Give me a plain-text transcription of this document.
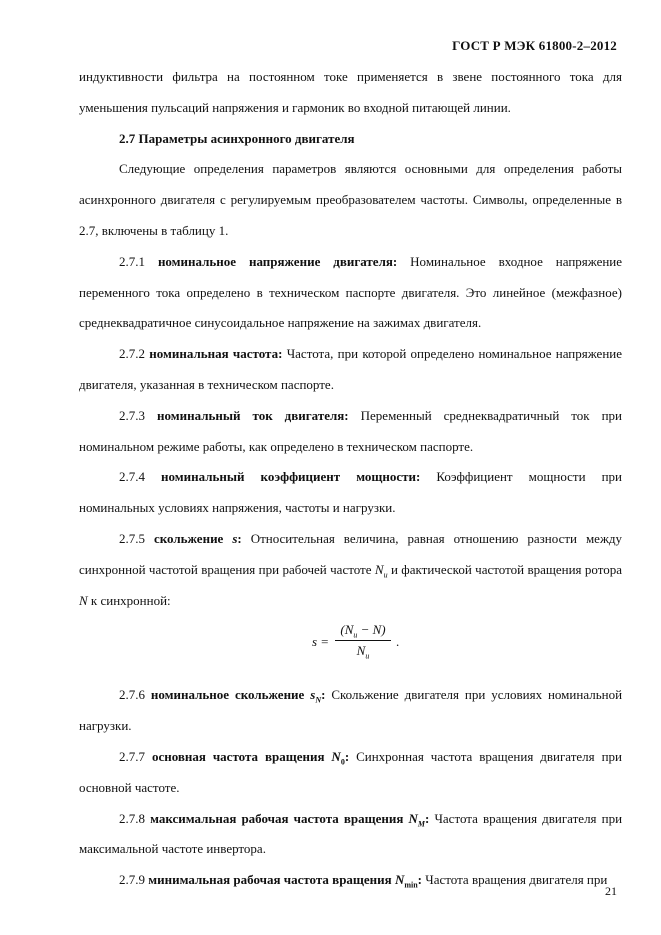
ГОСТ Р МЭК 61800-2–2012

индуктивности фильтра на постоянном токе применяется в звене постоянного тока для уменьшения пульсаций напряжения и гармоник во входной питающей линии.

2.7 Параметры асинхронного двигателя

Следующие определения параметров являются основными для определения работы асинхронного двигателя с регулируемым преобразователем частоты. Символы, определенные в 2.7, включены в таблицу 1.

2.7.1 номинальное напряжение двигателя: Номинальное входное напряжение переменного тока определено в техническом паспорте двигателя. Это линейное (межфазное) среднеквадратичное синусоидальное напряжение на зажимах двигателя.

2.7.2 номинальная частота: Частота, при которой определено номинальное напряжение двигателя, указанная в техническом паспорте.

2.7.3 номинальный ток двигателя: Переменный среднеквадратичный ток при номинальном режиме работы, как определено в техническом паспорте.

2.7.4 номинальный коэффициент мощности: Коэффициент мощности при номинальных условиях напряжения, частоты и нагрузки.

2.7.5 скольжение s: Относительная величина, равная отношению разности между синхронной частотой вращения при рабочей частоте $N_u$ и фактической частотой вращения ротора N к синхронной:

$s = \frac{(N_u - N)}{N_u}$ .

2.7.6 номинальное скольжение $s_N$: Скольжение двигателя при условиях номинальной нагрузки.

2.7.7 основная частота вращения $N_0$: Синхронная частота вращения двигателя при основной частоте.

2.7.8 максимальная рабочая частота вращения $N_M$: Частота вращения двигателя при максимальной частоте инвертора.

2.7.9 минимальная рабочая частота вращения $N_{min}$: Частота вращения двигателя при

21
